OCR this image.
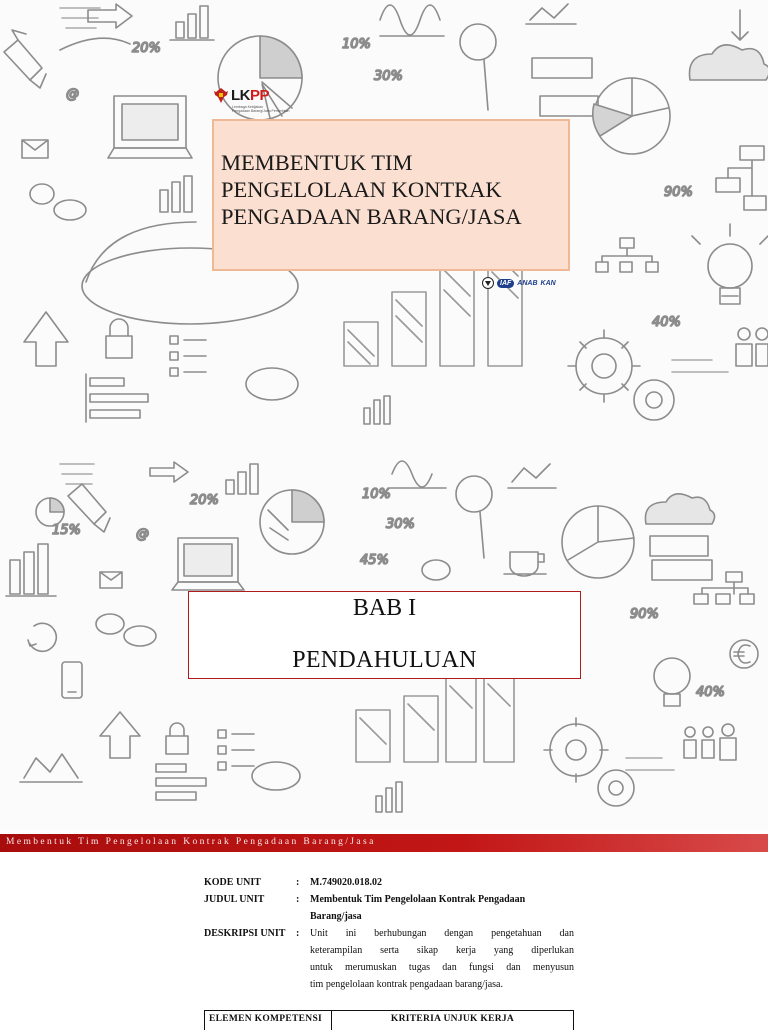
20%	10%
30%
@
90%
40%
LKPP
Lembaga Kebijakan
Pengadaan Barang/Jasa Pemerintah
MEMBENTUK TIM
PENGELOLAAN KONTRAK
PENGADAAN BARANG/JASA
IAF ANAB KAN
20%
15%
10%
30%
45%
@
90%
40%
BAB I
PENDAHULUAN
Membentuk Tim Pengelolaan Kontrak Pengadaan Barang/Jasa
KODE UNIT	:	M.749020.018.02
JUDUL UNIT	:	Membentuk Tim Pengelolaan Kontrak Pengadaan
Barang/jasa
DESKRIPSI UNIT	:	Unit ini berhubungan dengan pengetahuan dan
keterampilan serta sikap kerja yang diperlukan
untuk merumuskan tugas dan fungsi dan menyusun
tim pengelolaan kontrak pengadaan barang/jasa.
ELEMEN KOMPETENSI	KRITERIA UNJUK KERJA
